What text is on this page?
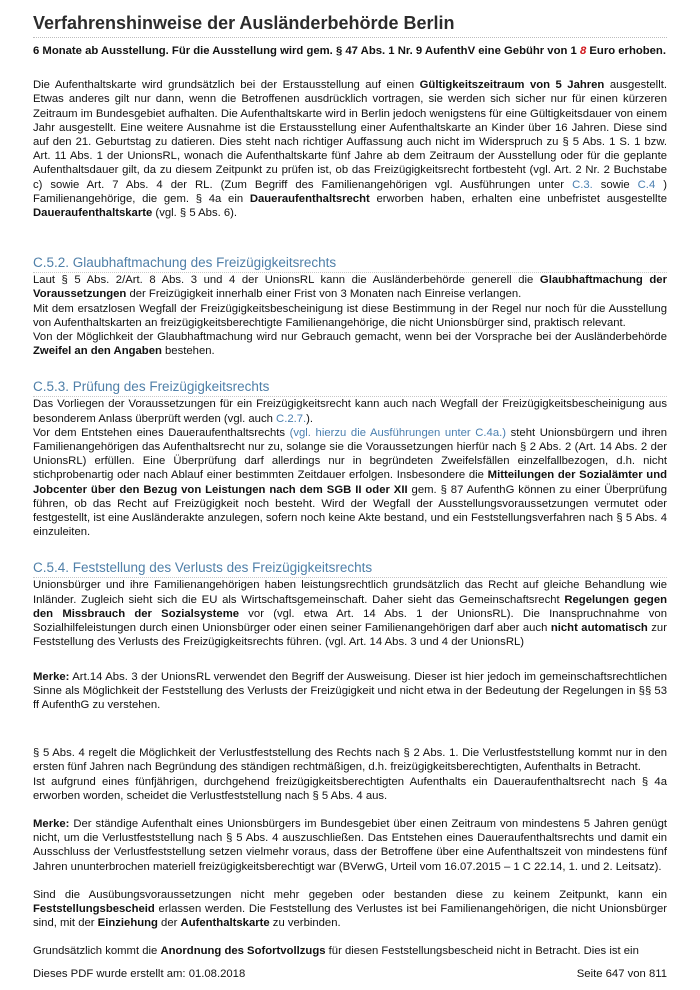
Verfahrenshinweise der Ausländerbehörde Berlin

6 Monate ab Ausstellung. Für die Ausstellung wird gem. § 47 Abs. 1 Nr. 9 AufenthV eine Gebühr von 1 8 Euro erhoben.

Die Aufenthaltskarte wird grundsätzlich bei der Erstausstellung auf einen Gültigkeitszeitraum von 5 Jahren ausgestellt. Etwas anderes gilt nur dann, wenn die Betroffenen ausdrücklich vortragen, sie werden sich sicher nur für einen kürzeren Zeitraum im Bundesgebiet aufhalten. Die Aufenthaltskarte wird in Berlin jedoch wenigstens für eine Gültigkeitsdauer von einem Jahr ausgestellt. Eine weitere Ausnahme ist die Erstausstellung einer Aufenthaltskarte an Kinder über 16 Jahren. Diese sind auf den 21. Geburtstag zu datieren. Dies steht nach richtiger Auffassung auch nicht im Widerspruch zu § 5 Abs. 1 S. 1 bzw. Art. 11 Abs. 1 der UnionsRL, wonach die Aufenthaltskarte fünf Jahre ab dem Zeitraum der Ausstellung oder für die geplante Aufenthaltsdauer gilt, da zu diesem Zeitpunkt zu prüfen ist, ob das Freizügigkeitsrecht fortbesteht (vgl. Art. 2 Nr. 2 Buchstabe c) sowie Art. 7 Abs. 4 der RL. (Zum Begriff des Familienangehörigen vgl. Ausführungen unter C.3. sowie C.4 ) Familienangehörige, die gem. § 4a ein Daueraufenthaltsrecht erworben haben, erhalten eine unbefristet ausgestellte Daueraufenthaltskarte (vgl. § 5 Abs. 6).

C.5.2. Glaubhaftmachung des Freizügigkeitsrechts

Laut § 5 Abs. 2/Art. 8 Abs. 3 und 4 der UnionsRL kann die Ausländerbehörde generell die Glaubhaftmachung der Voraussetzungen der Freizügigkeit innerhalb einer Frist von 3 Monaten nach Einreise verlangen.

Mit dem ersatzlosen Wegfall der Freizügigkeitsbescheinigung ist diese Bestimmung in der Regel nur noch für die Ausstellung von Aufenthaltskarten an freizügigkeitsberechtigte Familienangehörige, die nicht Unionsbürger sind, praktisch relevant.

Von der Möglichkeit der Glaubhaftmachung wird nur Gebrauch gemacht, wenn bei der Vorsprache bei der Ausländerbehörde Zweifel an den Angaben bestehen.

C.5.3. Prüfung des Freizügigkeitsrechts

Das Vorliegen der Voraussetzungen für ein Freizügigkeitsrecht kann auch nach Wegfall der Freizügigkeitsbescheinigung aus besonderem Anlass überprüft werden (vgl. auch C.2.7.).

Vor dem Entstehen eines Daueraufenthaltsrechts (vgl. hierzu die Ausführungen unter C.4a.) steht Unionsbürgern und ihren Familienangehörigen das Aufenthaltsrecht nur zu, solange sie die Voraussetzungen hierfür nach § 2 Abs. 2 (Art. 14 Abs. 2 der UnionsRL) erfüllen. Eine Überprüfung darf allerdings nur in begründeten Zweifelsfällen einzelfallbezogen, d.h. nicht stichprobenartig oder nach Ablauf einer bestimmten Zeitdauer erfolgen. Insbesondere die Mitteilungen der Sozialämter und Jobcenter über den Bezug von Leistungen nach dem SGB II oder XII gem. § 87 AufenthG können zu einer Überprüfung führen, ob das Recht auf Freizügigkeit noch besteht. Wird der Wegfall der Ausstellungsvoraussetzungen vermutet oder festgestellt, ist eine Ausländerakte anzulegen, sofern noch keine Akte bestand, und ein Feststellungsverfahren nach § 5 Abs. 4 einzuleiten.

C.5.4. Feststellung des Verlusts des Freizügigkeitsrechts

Unionsbürger und ihre Familienangehörigen haben leistungsrechtlich grundsätzlich das Recht auf gleiche Behandlung wie Inländer. Zugleich sieht sich die EU als Wirtschaftsgemeinschaft. Daher sieht das Gemeinschaftsrecht Regelungen gegen den Missbrauch der Sozialsysteme vor (vgl. etwa Art. 14 Abs. 1 der UnionsRL). Die Inanspruchnahme von Sozialhilfeleistungen durch einen Unionsbürger oder einen seiner Familienangehörigen darf aber auch nicht automatisch zur Feststellung des Verlusts des Freizügigkeitsrechts führen. (vgl. Art. 14 Abs. 3 und 4 der UnionsRL)

Merke: Art.14 Abs. 3 der UnionsRL verwendet den Begriff der Ausweisung. Dieser ist hier jedoch im gemeinschaftsrechtlichen Sinne als Möglichkeit der Feststellung des Verlusts der Freizügigkeit und nicht etwa in der Bedeutung der Regelungen in §§ 53 ff AufenthG zu verstehen.

§ 5 Abs. 4 regelt die Möglichkeit der Verlustfeststellung des Rechts nach § 2 Abs. 1. Die Verlustfeststellung kommt nur in den ersten fünf Jahren nach Begründung des ständigen rechtmäßigen, d.h. freizügigkeitsberechtigten, Aufenthalts in Betracht.

Ist aufgrund eines fünfjährigen, durchgehend freizügigkeitsberechtigten Aufenthalts ein Daueraufenthaltsrecht nach § 4a erworben worden, scheidet die Verlustfeststellung nach § 5 Abs. 4 aus.

Merke: Der ständige Aufenthalt eines Unionsbürgers im Bundesgebiet über einen Zeitraum von mindestens 5 Jahren genügt nicht, um die Verlustfeststellung nach § 5 Abs. 4 auszuschließen. Das Entstehen eines Daueraufenthaltsrechts und damit ein Ausschluss der Verlustfeststellung setzen vielmehr voraus, dass der Betroffene über eine Aufenthaltszeit von mindestens fünf Jahren ununterbrochen materiell freizügigkeitsberechtigt war (BVerwG, Urteil vom 16.07.2015 – 1 C 22.14, 1. und 2. Leitsatz).

Sind die Ausübungsvoraussetzungen nicht mehr gegeben oder bestanden diese zu keinem Zeitpunkt, kann ein Feststellungsbescheid erlassen werden. Die Feststellung des Verlustes ist bei Familienangehörigen, die nicht Unionsbürger sind, mit der Einziehung der Aufenthaltskarte zu verbinden.

Grundsätzlich kommt die Anordnung des Sofortvollzugs für diesen Feststellungsbescheid nicht in Betracht. Dies ist ein

Dieses PDF wurde erstellt am: 01.08.2018	Seite 647 von 811
